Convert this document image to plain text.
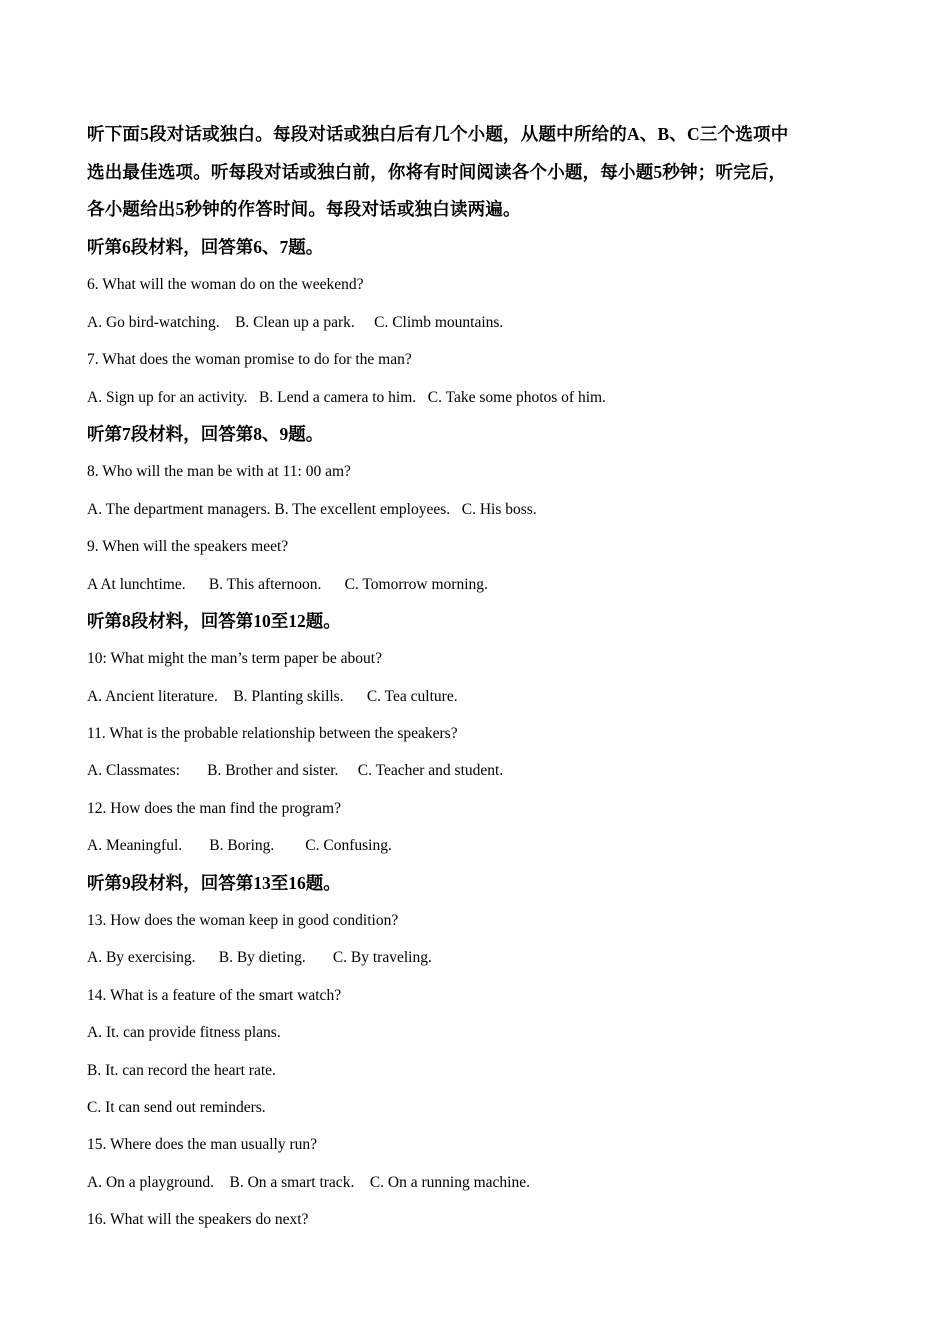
听下面5段对话或独白。每段对话或独白后有几个小题，从题中所给的A、B、C三个选项中

选出最佳选项。听每段对话或独白前，你将有时间阅读各个小题，每小题5秒钟；听完后，

各小题给出5秒钟的作答时间。每段对话或独白读两遍。

听第6段材料，回答第6、7题。
6. What will the woman do on the weekend?
A. Go bird-watching.    B. Clean up a park.     C. Climb mountains.
7. What does the woman promise to do for the man?
A. Sign up for an activity.   B. Lend a camera to him.   C. Take some photos of him.
听第7段材料，回答第8、9题。
8. Who will the man be with at 11: 00 am?
A. The department managers. B. The excellent employees.   C. His boss.
9. When will the speakers meet?
A At lunchtime.      B. This afternoon.      C. Tomorrow morning.
听第8段材料，回答第10至12题。
10: What might the man’s term paper be about?
A. Ancient literature.    B. Planting skills.      C. Tea culture.
11. What is the probable relationship between the speakers?
A. Classmates:       B. Brother and sister.     C. Teacher and student.
12. How does the man find the program?
A. Meaningful.       B. Boring.        C. Confusing.
听第9段材料，回答第13至16题。
13. How does the woman keep in good condition?
A. By exercising.      B. By dieting.       C. By traveling.
14. What is a feature of the smart watch?
A. It. can provide fitness plans.
B. It. can record the heart rate.
C. It can send out reminders.
15. Where does the man usually run?
A. On a playground.    B. On a smart track.    C. On a running machine.
16. What will the speakers do next?
